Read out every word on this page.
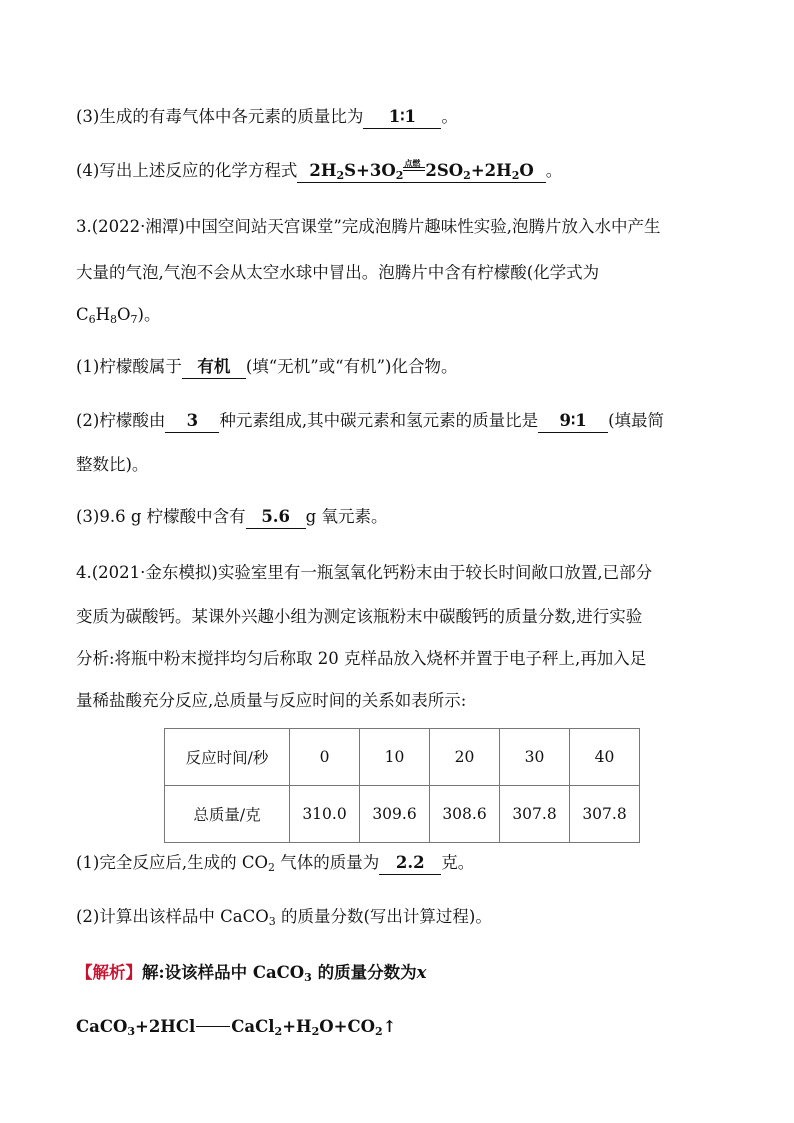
(3)生成的有毒气体中各元素的质量比为 1∶1 。
(4)写出上述反应的化学方程式 $2H_2S+3O_2$
点燃 $2SO_2+2H_2O$ 。
3.(2022·湘潭)中国空间站天宫课堂”完成泡腾片趣味性实验,泡腾片放入水中产生
大量的气泡,气泡不会从太空水球中冒出。泡腾片中含有柠檬酸(化学式为
$C_6H_8O_7$)。
(1)柠檬酸属于 有机 (填“无机”或“有机”)化合物。
(2)柠檬酸由 3 种元素组成,其中碳元素和氢元素的质量比是 9∶1 (填最简
整数比)。
(3)9.6 g 柠檬酸中含有 5.6 g 氧元素。
4.(2021·金东模拟)实验室里有一瓶氢氧化钙粉末由于较长时间敞口放置,已部分
变质为碳酸钙。某课外兴趣小组为测定该瓶粉末中碳酸钙的质量分数,进行实验
分析:将瓶中粉末搅拌均匀后称取 20 克样品放入烧杯并置于电子秤上,再加入足
量稀盐酸充分反应,总质量与反应时间的关系如表所示:
反应时间/秒	0	10	20	30	40
总质量/克	310.0	309.6	308.6	307.8	307.8
(1)完全反应后,生成的 $CO_2$ 气体的质量为 2.2 克。
(2)计算出该样品中 CaCO$_3$ 的质量分数(写出计算过程)。
【解析】解:设该样品中 CaCO$_3$ 的质量分数为x
CaCO$_3$+2HCl $CaCl_2+H_2O+CO_2↑$
